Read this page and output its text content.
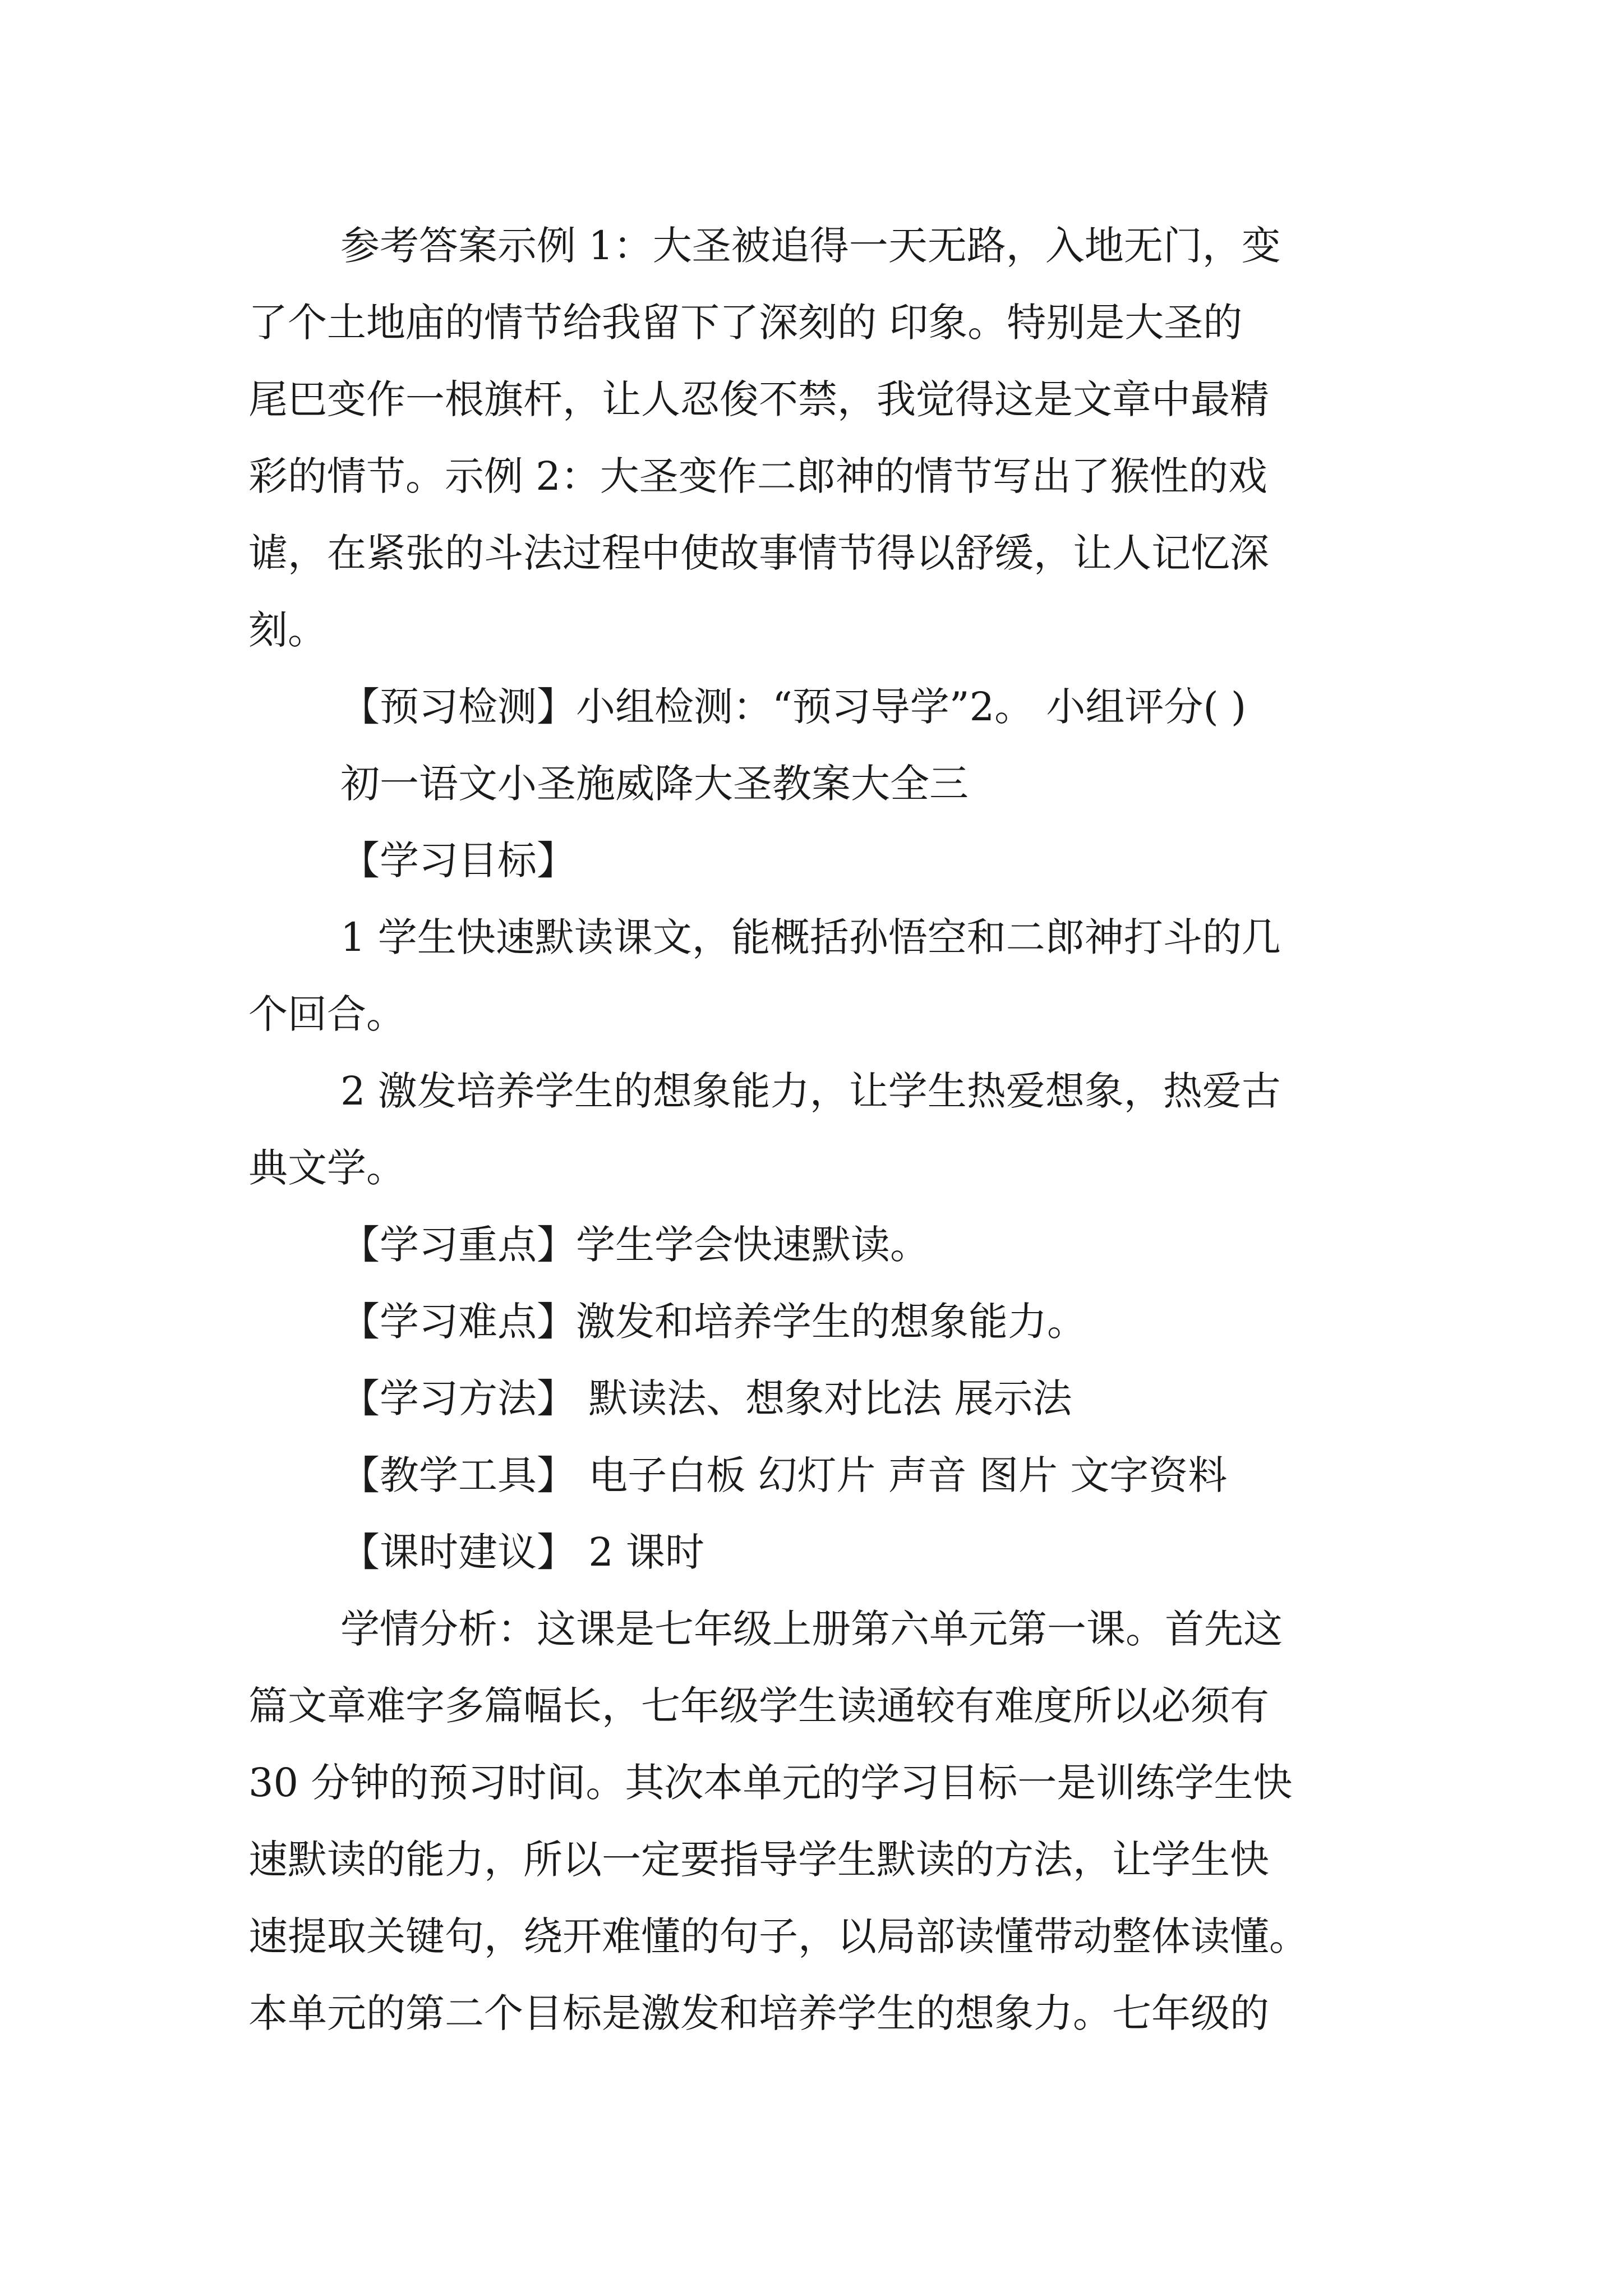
参考答案示例 1：大圣被追得一天无路，入地无门，变

了个土地庙的情节给我留下了深刻的 印象。特别是大圣的

尾巴变作一根旗杆，让人忍俊不禁，我觉得这是文章中最精

彩的情节。示例 2：大圣变作二郎神的情节写出了猴性的戏

谑，在紧张的斗法过程中使故事情节得以舒缓，让人记忆深

刻。

【预习检测】小组检测：“预习导学”2。 小组评分( )

初一语文小圣施威降大圣教案大全三

【学习目标】

1 学生快速默读课文，能概括孙悟空和二郎神打斗的几

个回合。

2 激发培养学生的想象能力，让学生热爱想象，热爱古

典文学。

【学习重点】学生学会快速默读。

【学习难点】激发和培养学生的想象能力。

【学习方法】 默读法、想象对比法 展示法

【教学工具】 电子白板 幻灯片 声音 图片 文字资料

【课时建议】 2 课时

学情分析：这课是七年级上册第六单元第一课。首先这

篇文章难字多篇幅长，七年级学生读通较有难度所以必须有

30 分钟的预习时间。其次本单元的学习目标一是训练学生快

速默读的能力，所以一定要指导学生默读的方法，让学生快

速提取关键句，绕开难懂的句子，以局部读懂带动整体读懂。

本单元的第二个目标是激发和培养学生的想象力。七年级的
